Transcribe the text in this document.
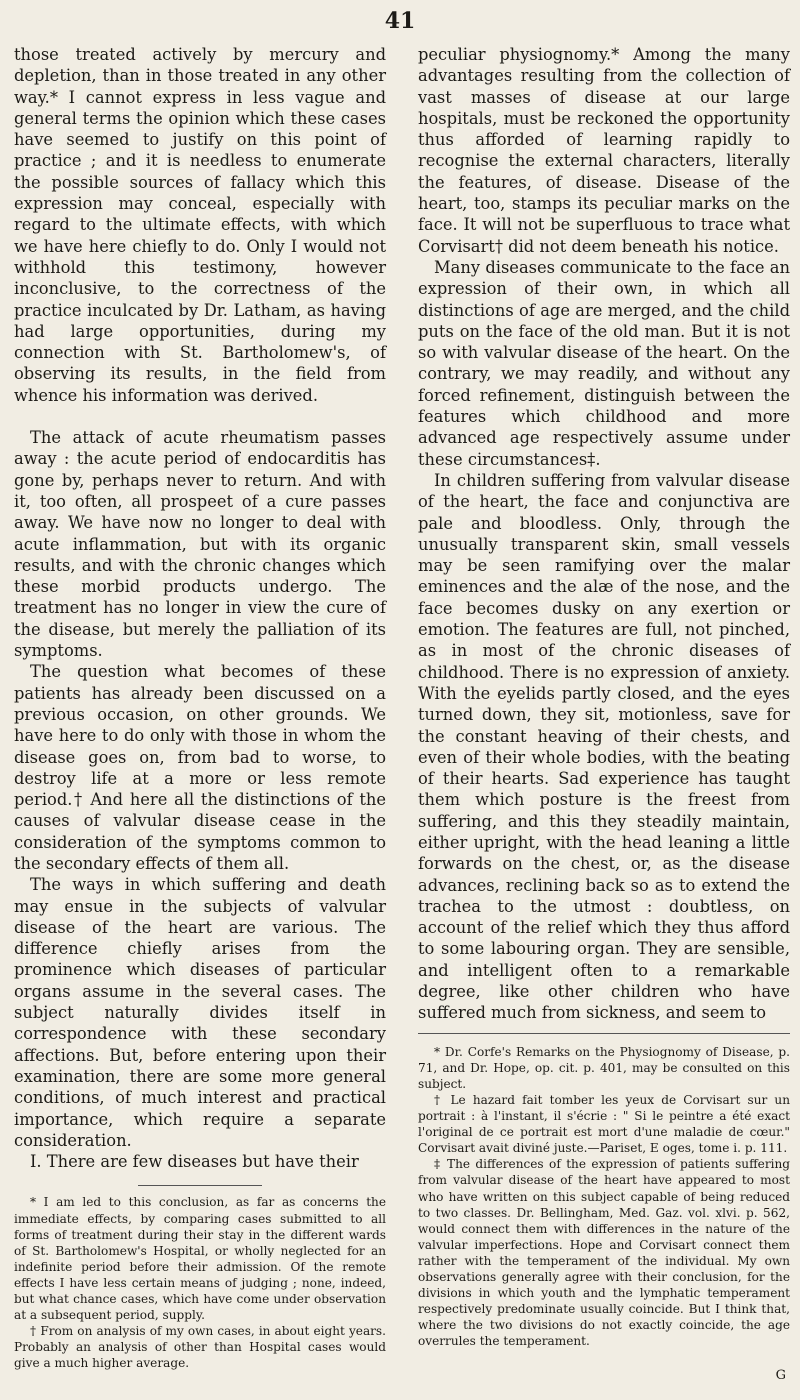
41

those treated actively by mercury and depletion, than in those treated in any other way.* I cannot express in less vague and general terms the opinion which these cases have seemed to justify on this point of practice ; and it is needless to enumerate the possible sources of fallacy which this expression may conceal, especially with regard to the ultimate effects, with which we have here chiefly to do. Only I would not withhold this testimony, however inconclusive, to the correctness of the practice inculcated by Dr. Latham, as having had large opportunities, during my connection with St. Bartholomew's, of observing its results, in the field from whence his information was derived.

The attack of acute rheumatism passes away : the acute period of endocarditis has gone by, perhaps never to return. And with it, too often, all prospeet of a cure passes away. We have now no longer to deal with acute inflammation, but with its organic results, and with the chronic changes which these morbid products undergo. The treatment has no longer in view the cure of the disease, but merely the palliation of its symptoms.

The question what becomes of these patients has already been discussed on a previous occasion, on other grounds. We have here to do only with those in whom the disease goes on, from bad to worse, to destroy life at a more or less remote period.† And here all the distinctions of the causes of valvular disease cease in the consideration of the symptoms common to the secondary effects of them all.

The ways in which suffering and death may ensue in the subjects of valvular disease of the heart are various. The difference chiefly arises from the prominence which diseases of particular organs assume in the several cases. The subject naturally divides itself in correspondence with these secondary affections. But, before entering upon their examination, there are some more general conditions, of much interest and practical importance, which require a separate consideration.

I. There are few diseases but have their

* I am led to this conclusion, as far as concerns the immediate effects, by comparing cases submitted to all forms of treatment during their stay in the different wards of St. Bartholomew's Hospital, or wholly neglected for an indefinite period before their admission. Of the remote effects I have less certain means of judging ; none, indeed, but what chance cases, which have come under observation at a subsequent period, supply.

† From on analysis of my own cases, in about eight years. Probably an analysis of other than Hospital cases would give a much higher average.

peculiar physiognomy.* Among the many advantages resulting from the collection of vast masses of disease at our large hospitals, must be reckoned the opportunity thus afforded of learning rapidly to recognise the external characters, literally the features, of disease. Disease of the heart, too, stamps its peculiar marks on the face. It will not be superfluous to trace what Corvisart† did not deem beneath his notice.

Many diseases communicate to the face an expression of their own, in which all distinctions of age are merged, and the child puts on the face of the old man. But it is not so with valvular disease of the heart. On the contrary, we may readily, and without any forced refinement, distinguish between the features which childhood and more advanced age respectively assume under these circumstances‡.

In children suffering from valvular disease of the heart, the face and conjunctiva are pale and bloodless. Only, through the unusually transparent skin, small vessels may be seen ramifying over the malar eminences and the alæ of the nose, and the face becomes dusky on any exertion or emotion. The features are full, not pinched, as in most of the chronic diseases of childhood. There is no expression of anxiety. With the eyelids partly closed, and the eyes turned down, they sit, motionless, save for the constant heaving of their chests, and even of their whole bodies, with the beating of their hearts. Sad experience has taught them which posture is the freest from suffering, and this they steadily maintain, either upright, with the head leaning a little forwards on the chest, or, as the disease advances, reclining back so as to extend the trachea to the utmost : doubtless, on account of the relief which they thus afford to some labouring organ. They are sensible, and intelligent often to a remarkable degree, like other children who have suffered much from sickness, and seem to

* Dr. Corfe's Remarks on the Physiognomy of Disease, p. 71, and Dr. Hope, op. cit. p. 401, may be consulted on this subject.

† Le hazard fait tomber les yeux de Corvisart sur un portrait : à l'instant, il s'écrie : " Si le peintre a été exact l'original de ce portrait est mort d'une maladie de cœur." Corvisart avait diviné juste.—Pariset, E oges, tome i. p. 111.

‡ The differences of the expression of patients suffering from valvular disease of the heart have appeared to most who have written on this subject capable of being reduced to two classes. Dr. Bellingham, Med. Gaz. vol. xlvi. p. 562, would connect them with differences in the nature of the valvular imperfections. Hope and Corvisart connect them rather with the temperament of the individual. My own observations generally agree with their conclusion, for the divisions in which youth and the lymphatic temperament respectively predominate usually coincide. But I think that, where the two divisions do not exactly coincide, the age overrules the temperament.

G
